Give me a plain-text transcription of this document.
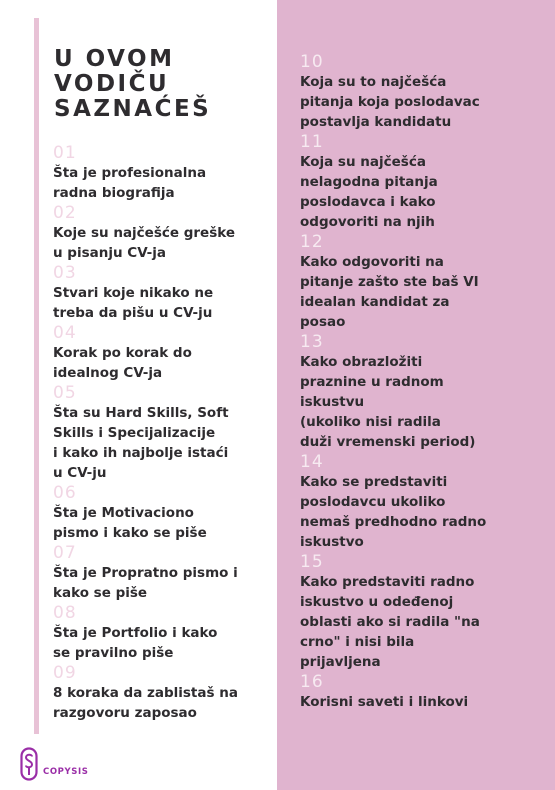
U OVOM
VODIČU
SAZNAĆEŠ
01
Šta je profesionalna
radna biografija
02
Koje su najčešće greške
u pisanju CV-ja
03
Stvari koje nikako ne
treba da pišu u CV-ju
04
Korak po korak do
idealnog CV-ja
05
Šta su Hard Skills, Soft
Skills i Specijalizacije
i kako ih najbolje istaći
u CV-ju
06
Šta je Motivaciono
pismo i kako se piše
07
Šta je Propratno pismo i
kako se piše
08
Šta je Portfolio i kako
se pravilno piše
09
8 koraka da zablistaš na
razgovoru zaposao
10
Koja su to najčešća
pitanja koja poslodavac
postavlja kandidatu
11
Koja su najčešća
nelagodna pitanja
poslodavca i kako
odgovoriti na njih
12
Kako odgovoriti na
pitanje zašto ste baš VI
idealan kandidat za
posao
13
Kako obrazložiti
praznine u radnom
iskustvu
(ukoliko nisi radila
duži vremenski period)
14
Kako se predstaviti
poslodavcu ukoliko
nemaš predhodno radno
iskustvo
15
Kako predstaviti radno
iskustvo u odeđenoj
oblasti ako si radila "na
crno" i nisi bila
prijavljena
16
Korisni saveti i linkovi
COPYSIS
